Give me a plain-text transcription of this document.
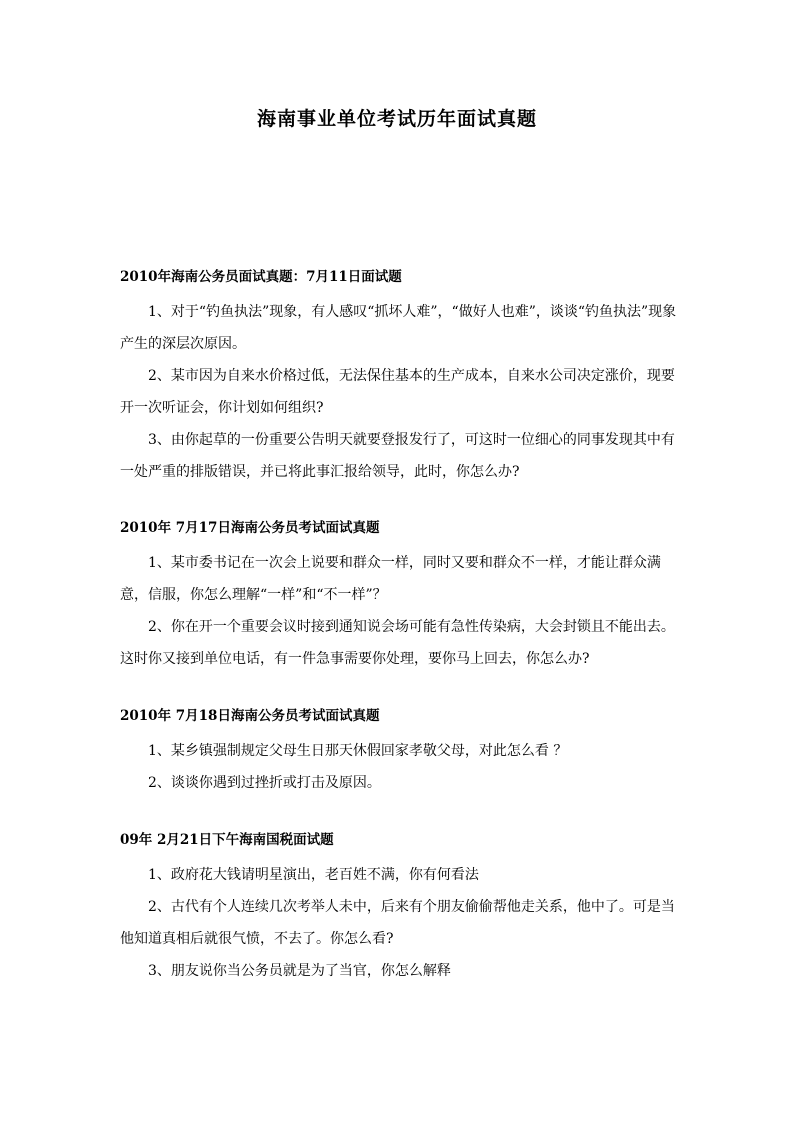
海南事业单位考试历年面试真题
2010年海南公务员面试真题：7月11日面试题

1、对于“钓鱼执法”现象，有人感叹“抓坏人难”，“做好人也难”，谈谈“钓鱼执法”现象产生的深层次原因。

2、某市因为自来水价格过低，无法保住基本的生产成本，自来水公司决定涨价，现要开一次听证会，你计划如何组织?

3、由你起草的一份重要公告明天就要登报发行了，可这时一位细心的同事发现其中有一处严重的排版错误，并已将此事汇报给领导，此时，你怎么办?

2010年 7月17日海南公务员考试面试真题

1、某市委书记在一次会上说要和群众一样，同时又要和群众不一样，才能让群众满意，信服，你怎么理解“一样”和“不一样”？

2、你在开一个重要会议时接到通知说会场可能有急性传染病，大会封锁且不能出去。这时你又接到单位电话，有一件急事需要你处理，要你马上回去，你怎么办?

2010年 7月18日海南公务员考试面试真题

1、某乡镇强制规定父母生日那天休假回家孝敬父母，对此怎么看 ？

2、谈谈你遇到过挫折或打击及原因。

09年 2月21日下午海南国税面试题

1、政府花大钱请明星演出，老百姓不满，你有何看法

2、古代有个人连续几次考举人未中，后来有个朋友偷偷帮他走关系，他中了。可是当他知道真相后就很气愤，不去了。你怎么看?

3、朋友说你当公务员就是为了当官，你怎么解释
